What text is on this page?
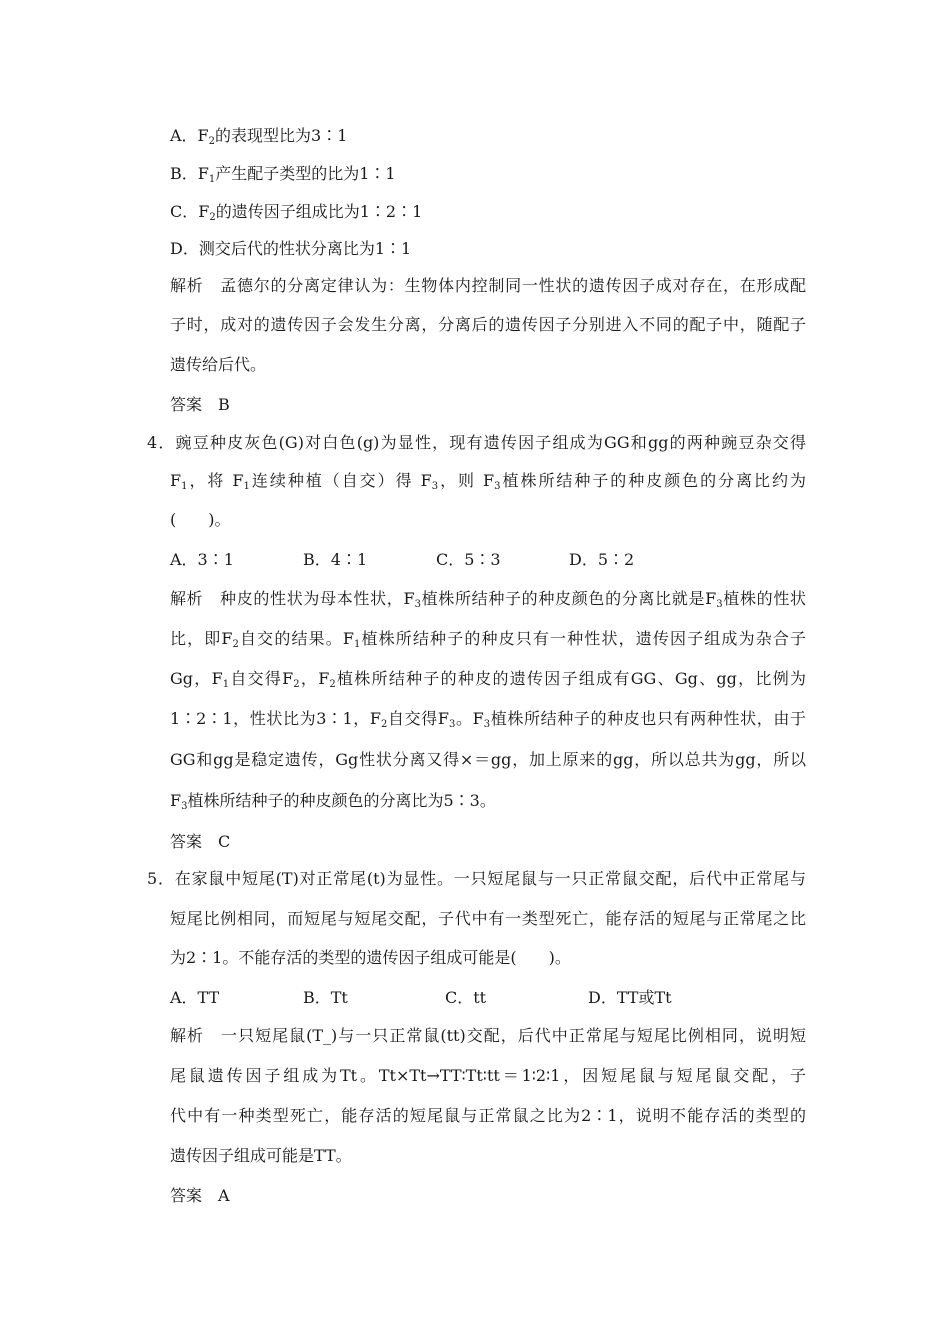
A．$F_2$的表现型比为3∶1
B．$F_1$产生配子类型的比为1∶1
C．$F_2$的遗传因子组成比为1∶2∶1
D．测交后代的性状分离比为1∶1
解析　孟德尔的分离定律认为：生物体内控制同一性状的遗传因子成对存在，在形成配
子时，成对的遗传因子会发生分离，分离后的遗传因子分别进入不同的配子中，随配子
遗传给后代。
答案　B
4．豌豆种皮灰色(G)对白色(g)为显性，现有遗传因子组成为GG和gg的两种豌豆杂交得
$F_1$，将 $F_1$连续种植（自交）得 $F_3$，则 $F_3$植株所结种子的种皮颜色的分离比约为
(　　)。
A．3∶1	B．4∶1	C．5∶3	D．5∶2
解析　种皮的性状为母本性状，$F_3$植株所结种子的种皮颜色的分离比就是$F_3$植株的性状
比，即$F_2$自交的结果。$F_1$植株所结种子的种皮只有一种性状，遗传因子组成为杂合子
Gg，$F_1$自交得$F_2$，$F_2$植株所结种子的种皮的遗传因子组成有GG、Gg、gg，比例为
1∶2∶1，性状比为3∶1，$F_2$自交得$F_3$。$F_3$植株所结种子的种皮也只有两种性状，由于
GG和gg是稳定遗传，Gg性状分离又得×＝gg，加上原来的gg，所以总共为gg，所以
$F_3$植株所结种子的种皮颜色的分离比为5∶3。
答案　C
5．在家鼠中短尾(T)对正常尾(t)为显性。一只短尾鼠与一只正常鼠交配，后代中正常尾与
短尾比例相同，而短尾与短尾交配，子代中有一类型死亡，能存活的短尾与正常尾之比
为2∶1。不能存活的类型的遗传因子组成可能是(　　)。
A．TT	B．Tt	C．tt	D．TT或Tt
解析　一只短尾鼠(T_)与一只正常鼠(tt)交配，后代中正常尾与短尾比例相同，说明短
尾鼠遗传因子组成为Tt。Tt×Tt→TT∶Tt∶tt＝1∶2∶1，因短尾鼠与短尾鼠交配，子
代中有一种类型死亡，能存活的短尾鼠与正常鼠之比为2∶1，说明不能存活的类型的
遗传因子组成可能是TT。
答案　A
